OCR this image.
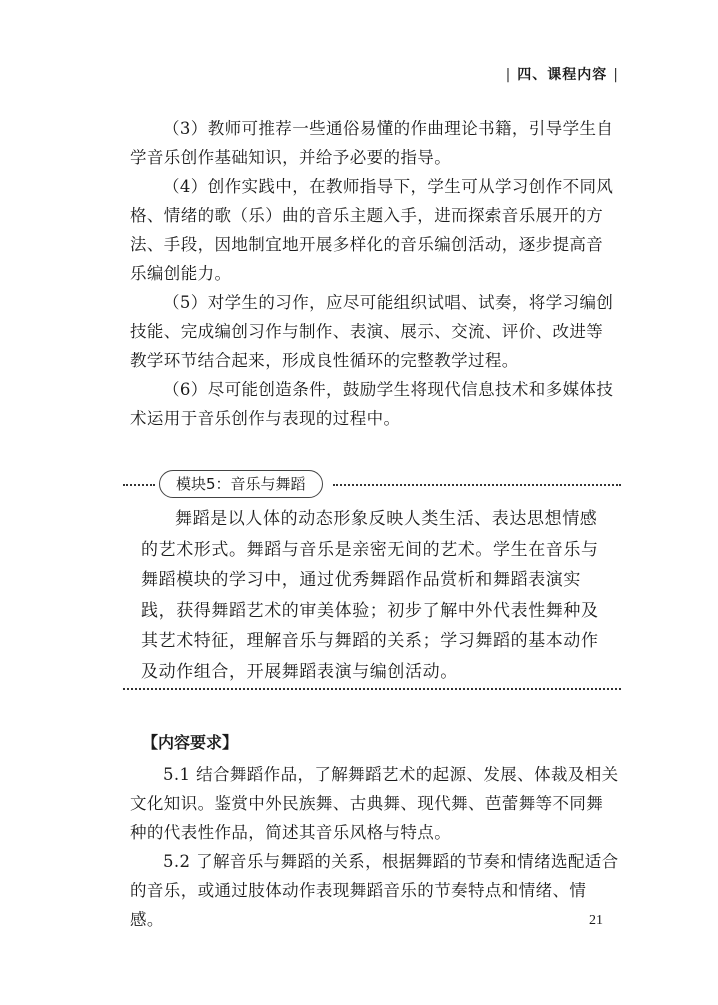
| 四、课程内容 |

（3）教师可推荐一些通俗易懂的作曲理论书籍，引导学生自学音乐创作基础知识，并给予必要的指导。

（4）创作实践中，在教师指导下，学生可从学习创作不同风格、情绪的歌（乐）曲的音乐主题入手，进而探索音乐展开的方法、手段，因地制宜地开展多样化的音乐编创活动，逐步提高音乐编创能力。

（5）对学生的习作，应尽可能组织试唱、试奏，将学习编创技能、完成编创习作与制作、表演、展示、交流、评价、改进等教学环节结合起来，形成良性循环的完整教学过程。

（6）尽可能创造条件，鼓励学生将现代信息技术和多媒体技术运用于音乐创作与表现的过程中。

模块5：音乐与舞蹈

舞蹈是以人体的动态形象反映人类生活、表达思想情感的艺术形式。舞蹈与音乐是亲密无间的艺术。学生在音乐与舞蹈模块的学习中，通过优秀舞蹈作品赏析和舞蹈表演实践，获得舞蹈艺术的审美体验；初步了解中外代表性舞种及其艺术特征，理解音乐与舞蹈的关系；学习舞蹈的基本动作及动作组合，开展舞蹈表演与编创活动。

【内容要求】

5.1 结合舞蹈作品，了解舞蹈艺术的起源、发展、体裁及相关文化知识。鉴赏中外民族舞、古典舞、现代舞、芭蕾舞等不同舞种的代表性作品，简述其音乐风格与特点。

5.2 了解音乐与舞蹈的关系，根据舞蹈的节奏和情绪选配适合的音乐，或通过肢体动作表现舞蹈音乐的节奏特点和情绪、情感。	21
